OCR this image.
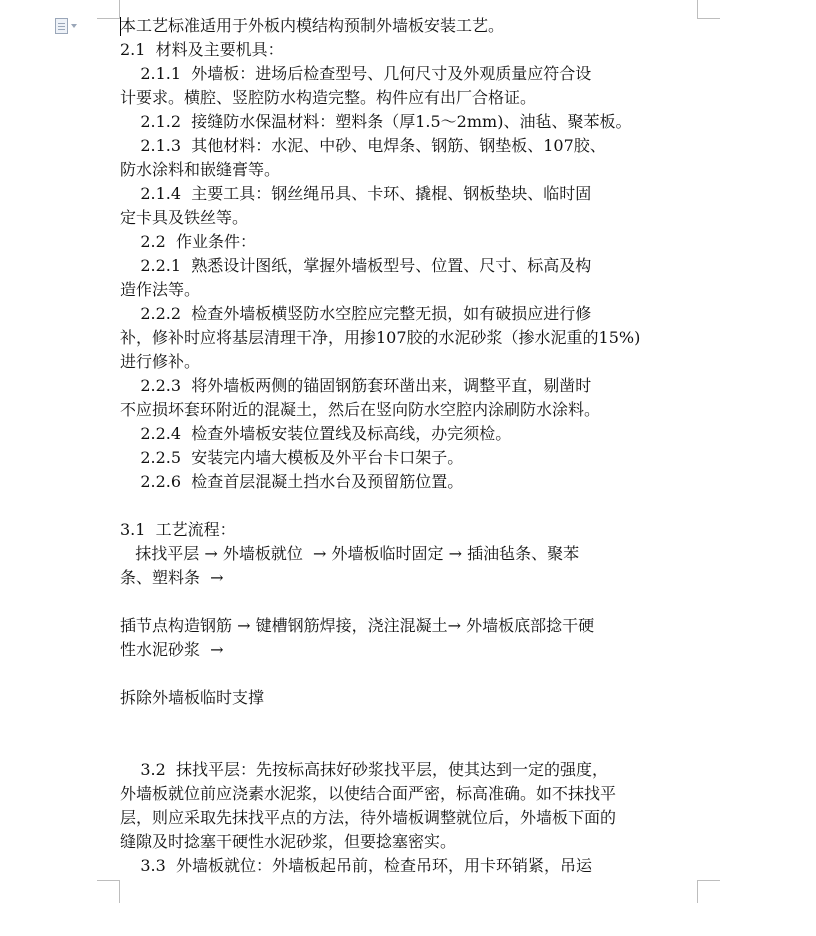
本工艺标准适用于外板内模结构预制外墙板安装工艺。
2.1  材料及主要机具：
2.1.1  外墙板：进场后检查型号、几何尺寸及外观质量应符合设
计要求。横腔、竖腔防水构造完整。构件应有出厂合格证。
2.1.2  接缝防水保温材料：塑料条（厚1.5～2mm)、油毡、聚苯板。
2.1.3  其他材料：水泥、中砂、电焊条、钢筋、钢垫板、107胶、
防水涂料和嵌缝膏等。
2.1.4  主要工具：钢丝绳吊具、卡环、撬棍、钢板垫块、临时固
定卡具及铁丝等。
2.2  作业条件：
2.2.1  熟悉设计图纸，掌握外墙板型号、位置、尺寸、标高及构
造作法等。
2.2.2  检查外墙板横竖防水空腔应完整无损，如有破损应进行修
补，修补时应将基层清理干净，用掺107胶的水泥砂浆（掺水泥重的15%)
进行修补。
2.2.3  将外墙板两侧的锚固钢筋套环凿出来，调整平直，剔凿时
不应损坏套环附近的混凝土，然后在竖向防水空腔内涂刷防水涂料。
2.2.4  检查外墙板安装位置线及标高线，办完须检。
2.2.5  安装完内墙大模板及外平台卡口架子。
2.2.6  检查首层混凝土挡水台及预留筋位置。
3.1  工艺流程：
抹找平层 → 外墙板就位  → 外墙板临时固定 → 插油毡条、聚苯
条、塑料条  →
插节点构造钢筋 → 键槽钢筋焊接，浇注混凝土→ 外墙板底部捻干硬
性水泥砂浆  →
拆除外墙板临时支撑
3.2  抹找平层：先按标高抹好砂浆找平层，使其达到一定的强度，
外墙板就位前应浇素水泥浆，以使结合面严密，标高准确。如不抹找平
层，则应采取先抹找平点的方法，待外墙板调整就位后，外墙板下面的
缝隙及时捻塞干硬性水泥砂浆，但要捻塞密实。
3.3  外墙板就位：外墙板起吊前，检查吊环，用卡环销紧，吊运
